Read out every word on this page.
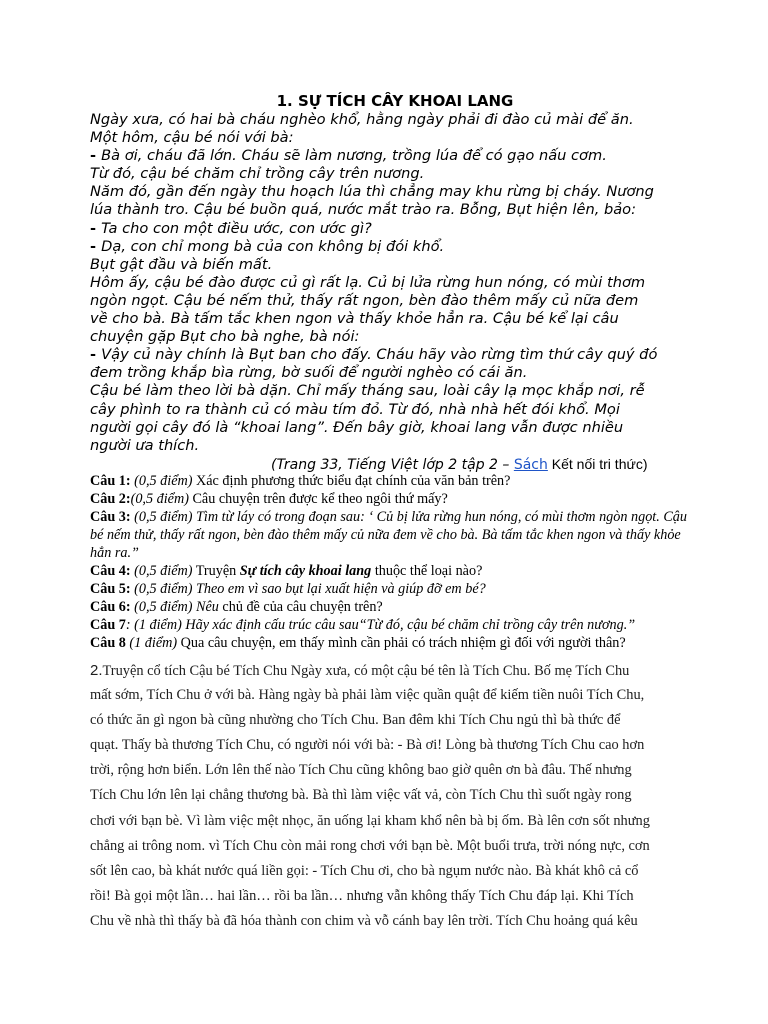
1. SỰ TÍCH CÂY KHOAI LANG
Ngày xưa, có hai bà cháu nghèo khổ, hằng ngày phải đi đào củ mài để ăn.
Một hôm, cậu bé nói với bà:
- Bà ơi, cháu đã lớn. Cháu sẽ làm nương, trồng lúa để có gạo nấu cơm.
Từ đó, cậu bé chăm chỉ trồng cây trên nương.
Năm đó, gần đến ngày thu hoạch lúa thì chẳng may khu rừng bị cháy. Nương
lúa thành tro. Cậu bé buồn quá, nước mắt trào ra. Bỗng, Bụt hiện lên, bảo:
- Ta cho con một điều ước, con ước gì?
- Dạ, con chỉ mong bà của con không bị đói khổ.
Bụt gật đầu và biến mất.
Hôm ấy, cậu bé đào được củ gì rất lạ. Củ bị lửa rừng hun nóng, có mùi thơm
ngòn ngọt. Cậu bé nếm thử, thấy rất ngon, bèn đào thêm mấy củ nữa đem
về cho bà. Bà tấm tắc khen ngon và thấy khỏe hẳn ra. Cậu bé kể lại câu
chuyện gặp Bụt cho bà nghe, bà nói:
- Vậy củ này chính là Bụt ban cho đấy. Cháu hãy vào rừng tìm thứ cây quý đó
đem trồng khắp bìa rừng, bờ suối để người nghèo có cái ăn.
Cậu bé làm theo lời bà dặn. Chỉ mấy tháng sau, loài cây lạ mọc khắp nơi, rễ
cây phình to ra thành củ có màu tím đỏ. Từ đó, nhà nhà hết đói khổ. Mọi
người gọi cây đó là “khoai lang”. Đến bây giờ, khoai lang vẫn được nhiều
người ưa thích.
(Trang 33, Tiếng Việt lớp 2 tập 2 – Sách Kết nối tri thức)
Câu 1: (0,5 điểm) Xác định phương thức biểu đạt chính của văn bản trên?
Câu 2:(0,5 điểm) Câu chuyện trên được kể theo ngôi thứ mấy?
Câu 3: (0,5 điểm) Tìm từ láy có trong đoạn sau: ‘ Củ bị lửa rừng hun nóng, có mùi thơm ngòn ngọt. Cậu bé nếm thử, thấy rất ngon, bèn đào thêm mấy củ nữa đem về cho bà. Bà tấm tắc khen ngon và thấy khỏe hẳn ra.”
Câu 4: (0,5 điểm) Truyện Sự tích cây khoai lang thuộc thể loại nào?
Câu 5: (0,5 điểm) Theo em vì sao bụt lại xuất hiện và giúp đỡ em bé?
Câu 6: (0,5 điểm) Nêu chủ đề của câu chuyện trên?
Câu 7: (1 điểm) Hãy xác định cấu trúc câu sau“Từ đó, cậu bé chăm chỉ trồng cây trên nương.”
Câu 8 (1 điểm) Qua câu chuyện, em thấy mình cần phải có trách nhiệm gì đối với người thân?
2.Truyện cổ tích Cậu bé Tích Chu Ngày xưa, có một cậu bé tên là Tích Chu. Bố mẹ Tích Chu
mất sớm, Tích Chu ở với bà. Hàng ngày bà phải làm việc quần quật để kiếm tiền nuôi Tích Chu,
có thức ăn gì ngon bà cũng nhường cho Tích Chu. Ban đêm khi Tích Chu ngủ thì bà thức để
quạt. Thấy bà thương Tích Chu, có người nói với bà: - Bà ơi! Lòng bà thương Tích Chu cao hơn
trời, rộng hơn biển. Lớn lên thế nào Tích Chu cũng không bao giờ quên ơn bà đâu. Thế nhưng
Tích Chu lớn lên lại chẳng thương bà. Bà thì làm việc vất vả, còn Tích Chu thì suốt ngày rong
chơi với bạn bè. Vì làm việc mệt nhọc, ăn uống lại kham khổ nên bà bị ốm. Bà lên cơn sốt nhưng
chẳng ai trông nom. vì Tích Chu còn mải rong chơi với bạn bè. Một buổi trưa, trời nóng nực, cơn
sốt lên cao, bà khát nước quá liền gọi: - Tích Chu ơi, cho bà ngụm nước nào. Bà khát khô cả cổ
rồi! Bà gọi một lần… hai lần… rồi ba lần… nhưng vẫn không thấy Tích Chu đáp lại. Khi Tích
Chu về nhà thì thấy bà đã hóa thành con chim và vỗ cánh bay lên trời. Tích Chu hoảng quá kêu
